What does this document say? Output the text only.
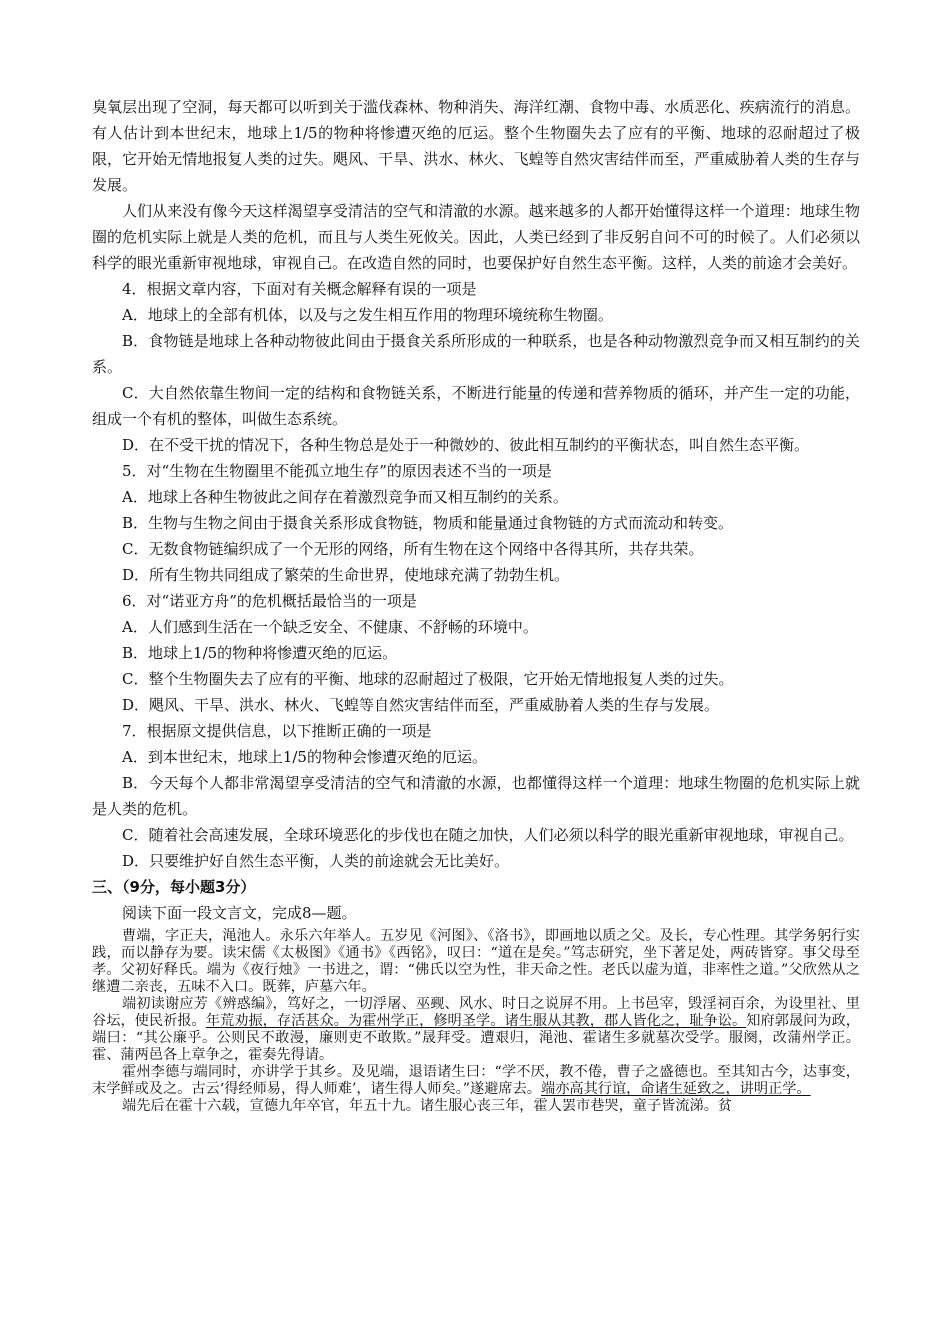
臭氧层出现了空洞，每天都可以听到关于滥伐森林、物种消失、海洋红潮、食物中毒、水质恶化、疾病流行的消息。有人估计到本世纪末，地球上1/5的物种将惨遭灭绝的厄运。整个生物圈失去了应有的平衡、地球的忍耐超过了极限，它开始无情地报复人类的过失。飓风、干旱、洪水、林火、飞蝗等自然灾害结伴而至，严重威胁着人类的生存与发展。

人们从来没有像今天这样渴望享受清洁的空气和清澈的水源。越来越多的人都开始懂得这样一个道理：地球生物圈的危机实际上就是人类的危机，而且与人类生死攸关。因此，人类已经到了非反躬自问不可的时候了。人们必须以科学的眼光重新审视地球，审视自己。在改造自然的同时，也要保护好自然生态平衡。这样，人类的前途才会美好。

4．根据文章内容，下面对有关概念解释有误的一项是

A．地球上的全部有机体，以及与之发生相互作用的物理环境统称生物圈。

B．食物链是地球上各种动物彼此间由于摄食关系所形成的一种联系，也是各种动物激烈竞争而又相互制约的关系。

C．大自然依靠生物间一定的结构和食物链关系，不断进行能量的传递和营养物质的循环，并产生一定的功能，组成一个有机的整体，叫做生态系统。

D．在不受干扰的情况下，各种生物总是处于一种微妙的、彼此相互制约的平衡状态，叫自然生态平衡。

5．对“生物在生物圈里不能孤立地生存”的原因表述不当的一项是

A．地球上各种生物彼此之间存在着激烈竞争而又相互制约的关系。

B．生物与生物之间由于摄食关系形成食物链，物质和能量通过食物链的方式而流动和转变。

C．无数食物链编织成了一个无形的网络，所有生物在这个网络中各得其所，共存共荣。

D．所有生物共同组成了繁荣的生命世界，使地球充满了勃勃生机。

6．对“诺亚方舟”的危机概括最恰当的一项是

A．人们感到生活在一个缺乏安全、不健康、不舒畅的环境中。

B．地球上1/5的物种将惨遭灭绝的厄运。

C．整个生物圈失去了应有的平衡、地球的忍耐超过了极限，它开始无情地报复人类的过失。

D．飓风、干旱、洪水、林火、飞蝗等自然灾害结伴而至，严重威胁着人类的生存与发展。

7．根据原文提供信息，以下推断正确的一项是

A．到本世纪末，地球上1/5的物种会惨遭灭绝的厄运。

B．今天每个人都非常渴望享受清洁的空气和清澈的水源，也都懂得这样一个道理：地球生物圈的危机实际上就是人类的危机。

C．随着社会高速发展，全球环境恶化的步伐也在随之加快，人们必须以科学的眼光重新审视地球，审视自己。

D．只要维护好自然生态平衡，人类的前途就会无比美好。

三、（9分，每小题3分）

阅读下面一段文言文，完成8—题。

曹端，字正夫，渑池人。永乐六年举人。五岁见《河图》、《洛书》，即画地以质之父。及长，专心性理。其学务躬行实践，而以静存为要。读宋儒《太极图》《通书》《西铭》，叹曰：“道在是矣。”笃志研究，坐下著足处，两砖皆穿。事父母至孝。父初好释氏。端为《夜行烛》一书进之，谓：“佛氏以空为性，非天命之性。老氏以虚为道，非率性之道。”父欣然从之继遭二亲丧，五味不入口。既葬，庐墓六年。

端初读谢应芳《辨惑编》，笃好之，一切浮屠、巫觋、风水、时日之说屏不用。上书邑宰，毁淫祠百余，为设里社、里谷坛，使民祈报。年荒劝振，存活甚众。为霍州学正，修明圣学。诸生服从其教，郡人皆化之，耻争讼。知府郭晟问为政，端曰：“其公廉乎。公则民不敢漫，廉则吏不敢欺。”晟拜受。遭艰归，渑池、霍诸生多就墓次受学。服阕，改蒲州学正。霍、蒲两邑各上章争之，霍奏先得请。

霍州李德与端同时，亦讲学于其乡。及见端，退语诸生曰：“学不厌，教不倦，曹子之盛德也。至其知古今，达事变，末学鲜或及之。古云‘得经师易，得人师难’，诸生得人师矣。”遂避席去。端亦高其行谊，命诸生延致之，讲明正学。

端先后在霍十六载，宣德九年卒官，年五十九。诸生服心丧三年，霍人罢市巷哭，童子皆流涕。贫
